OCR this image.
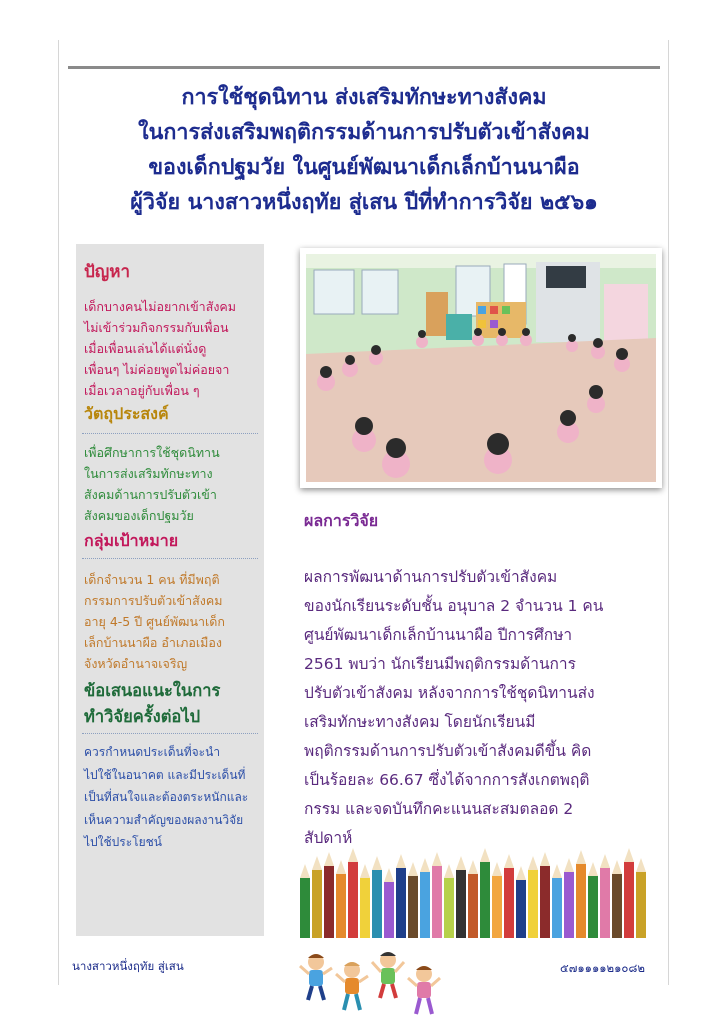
การใช้ชุดนิทาน ส่งเสริมทักษะทางสังคม
ในการส่งเสริมพฤติกรรมด้านการปรับตัวเข้าสังคม
ของเด็กปฐมวัย ในศูนย์พัฒนาเด็กเล็กบ้านนาผือ
ผู้วิจัย นางสาวหนึ่งฤทัย สู่เสน ปีที่ทำการวิจัย ๒๕๖๑
ปัญหา
เด็กบางคนไม่อยากเข้าสังคม
ไม่เข้าร่วมกิจกรรมกับเพื่อน
เมื่อเพื่อนเล่นได้แต่นั่งดู
เพื่อนๆ ไม่ค่อยพูดไม่ค่อยจา
เมื่อเวลาอยู่กับเพื่อน ๆ
วัตถุประสงค์
เพื่อศึกษาการใช้ชุดนิทาน
ในการส่งเสริมทักษะทาง
สังคมด้านการปรับตัวเข้า
สังคมของเด็กปฐมวัย
กลุ่มเป้าหมาย
เด็กจำนวน 1 คน ที่มีพฤติ
กรรมการปรับตัวเข้าสังคม
อายุ 4-5 ปี ศูนย์พัฒนาเด็ก
เล็กบ้านนาผือ อำเภอเมือง
จังหวัดอำนาจเจริญ
ข้อเสนอแนะในการ
ทำวิจัยครั้งต่อไป
ควรกำหนดประเด็นที่จะนำ
ไปใช้ในอนาคต และมีประเด็นที่
เป็นที่สนใจและต้องตระหนักและ
เห็นความสำคัญของผลงานวิจัย
ไปใช้ประโยชน์
ผลการวิจัย
ผลการพัฒนาด้านการปรับตัวเข้าสังคม
ของนักเรียนระดับชั้น อนุบาล 2 จำนวน 1 คน
ศูนย์พัฒนาเด็กเล็กบ้านนาผือ ปีการศึกษา
2561 พบว่า นักเรียนมีพฤติกรรมด้านการ
ปรับตัวเข้าสังคม หลังจากการใช้ชุดนิทานส่ง
เสริมทักษะทางสังคม โดยนักเรียนมี
พฤติกรรมด้านการปรับตัวเข้าสังคมดีขึ้น คิด
เป็นร้อยละ 66.67 ซึ่งได้จากการสังเกตพฤติ
กรรม และจดบันทึกคะแนนสะสมตลอด 2
สัปดาห์
นางสาวหนึ่งฤทัย สู่เสน	๕๗๑๑๑๑๒๑๐๘๒
